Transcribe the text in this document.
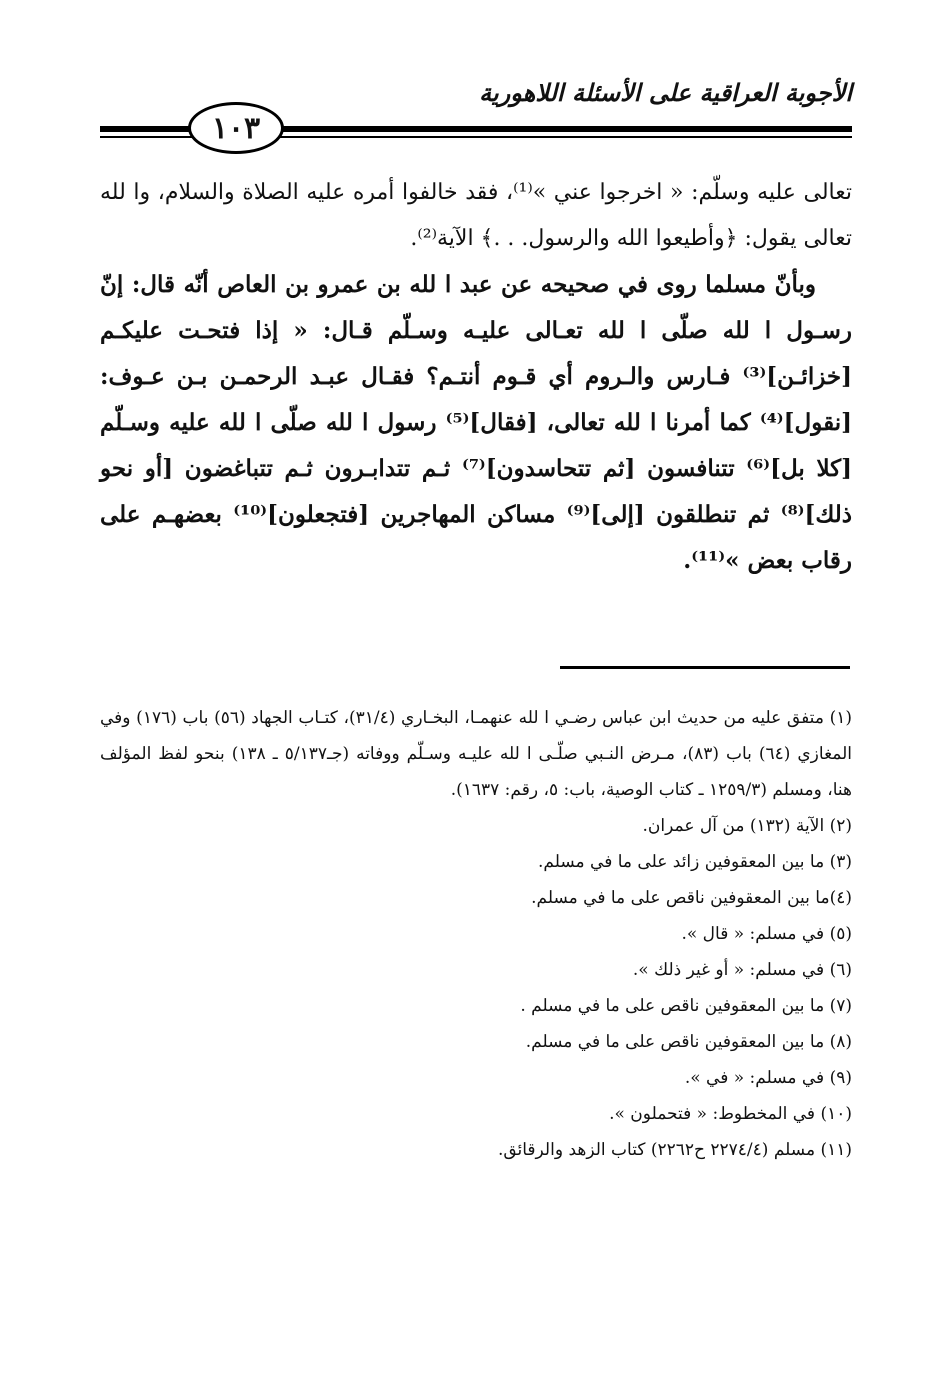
الأجوبة العراقية على الأسئلة اللاهورية
١٠٣

تعالى عليه وسلّم: « اخرجوا عني »⁽¹⁾، فقد خالفوا أمره عليه الصلاة والسلام، وا لله تعالى يقول: ﴿وأطيعوا الله والرسول. . .﴾ الآية⁽²⁾.

وبأنّ مسلما روى في صحيحه عن عبد ا لله بن عمرو بن العاص أنّه قال: إنّ رسـول ا لله صلّى ا لله تعـالى عليـه وسـلّم قـال: « إذا فتحـت عليكـم [خزائـن]⁽³⁾ فـارس والـروم أي قـوم أنتـم؟ فقـال عبـد الرحمـن بـن عـوف: [نقول]⁽⁴⁾ كما أمرنا ا لله تعالى، [فقال]⁽⁵⁾ رسول ا لله صلّى ا لله عليه وسـلّم [كلا بل]⁽⁶⁾ تتنافسون [ثم تتحاسدون]⁽⁷⁾ ثـم تتدابـرون ثـم تتباغضون [أو نحو ذلك]⁽⁸⁾ ثم تنطلقون [إلى]⁽⁹⁾ مساكن المهاجرين [فتجعلون]⁽¹⁰⁾ بعضهـم على رقاب بعض »⁽¹¹⁾.

(١) متفق عليه من حديث ابن عباس رضـي ا لله عنهمـا، البخـاري (٣١/٤)، كتـاب الجهاد (٥٦) باب (١٧٦) وفي المغازي (٦٤) باب (٨٣)، مـرض النـبي صلّـى ا لله عليـه وسـلّم ووفاته (جـ٥/١٣٧ ـ ١٣٨) بنحو لفظ المؤلف هنا، ومسلم (١٢٥٩/٣ ـ كتاب الوصية، باب: ٥، رقم: ١٦٣٧).

(٢) الآية (١٣٢) من آل عمران.

(٣) ما بين المعقوفين زائد على ما في مسلم.

(٤)ما بين المعقوفين ناقص على ما في مسلم.

(٥) في مسلم: « قال ».

(٦) في مسلم: « أو غير ذلك ».

(٧) ما بين المعقوفين ناقص على ما في مسلم .

(٨) ما بين المعقوفين ناقص على ما في مسلم.

(٩) في مسلم: « في ».

(١٠) في المخطوط: « فتحملون ».

(١١) مسلم (٢٢٧٤/٤ ح٢٢٦٢) كتاب الزهد والرقائق.
